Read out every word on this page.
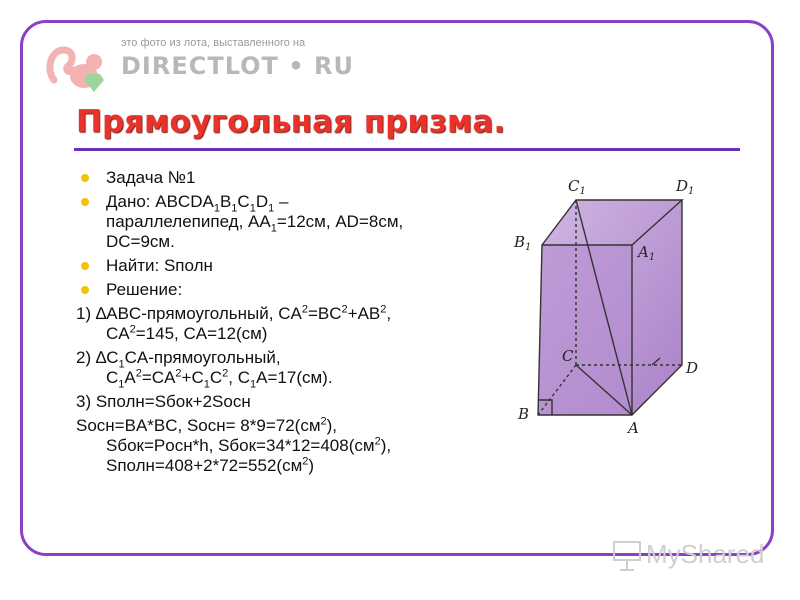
это фото из лота, выставленного на
DIRECTLOT • RU
Прямоугольная призма.
Задача №1
Дано: $ABCDA_1B_1C_1D_1$ –
параллелепипед, $AA_1=12см$, AD=8см,
DC=9см.
Найти: Sполн
Решение:
1) ∆ABC-прямоугольный, $CA^2=BC^2+AB^2$,
$CA^2=145$, CA=12(см)
2) $\Delta C_1CA$-прямоугольный,
$C_1A^2=CA^2+C_1C^2$, $C_1A=17(см)$.
3) Sполн=Sбок+2Sосн
Sосн=BA*BC, Sосн= $8*9=72(см^2)$,
Sбок=Pосн*h, $Sбок=34*12=408(см^2)$,
$Sполн=408+2*72=552(см^2)$
$C_1$	$D_1$
$B_1$	$A_1$
C
D
B
A
MyShared
